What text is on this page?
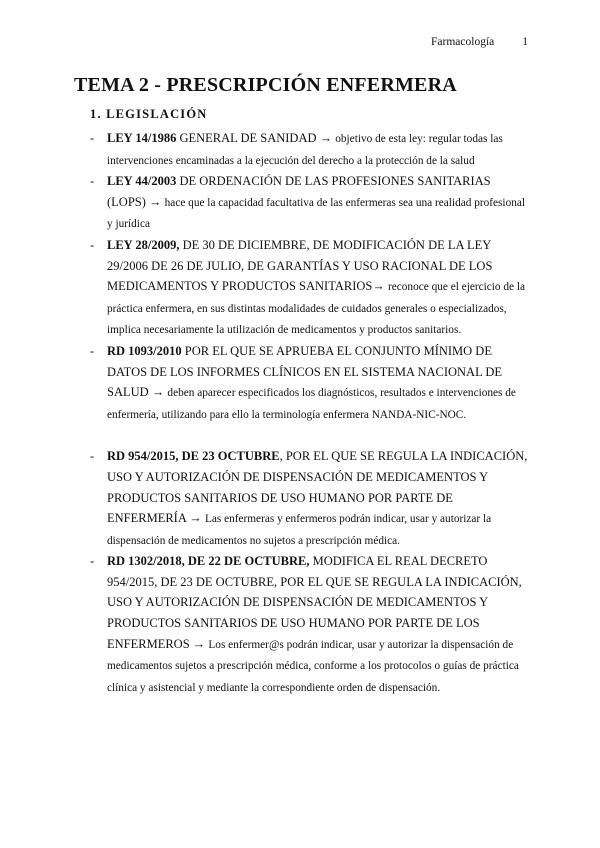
Farmacología 1
TEMA 2 - PRESCRIPCIÓN ENFERMERA
1. LEGISLACIÓN
-	LEY 14/1986 GENERAL DE SANIDAD → objetivo de esta ley: regular todas las intervenciones encaminadas a la ejecución del derecho a la protección de la salud
-	LEY 44/2003 DE ORDENACIÓN DE LAS PROFESIONES SANITARIAS (LOPS) → hace que la capacidad facultativa de las enfermeras sea una realidad profesional y jurídica
-	LEY 28/2009, DE 30 DE DICIEMBRE, DE MODIFICACIÓN DE LA LEY 29/2006 DE 26 DE JULIO, DE GARANTÍAS Y USO RACIONAL DE LOS MEDICAMENTOS Y PRODUCTOS SANITARIOS→ reconoce que el ejercicio de la práctica enfermera, en sus distintas modalidades de cuidados generales o especializados, implica necesariamente la utilización de medicamentos y productos sanitarios.
-	RD 1093/2010 POR EL QUE SE APRUEBA EL CONJUNTO MÍNIMO DE DATOS DE LOS INFORMES CLÍNICOS EN EL SISTEMA NACIONAL DE SALUD → deben aparecer especificados los diagnósticos, resultados e intervenciones de enfermería, utilizando para ello la terminología enfermera NANDA-NIC-NOC.
-	RD 954/2015, DE 23 OCTUBRE, POR EL QUE SE REGULA LA INDICACIÓN, USO Y AUTORIZACIÓN DE DISPENSACIÓN DE MEDICAMENTOS Y PRODUCTOS SANITARIOS DE USO HUMANO POR PARTE DE ENFERMERÍA → Las enfermeras y enfermeros podrán indicar, usar y autorizar la dispensación de medicamentos no sujetos a prescripción médica.
-	RD 1302/2018, DE 22 DE OCTUBRE, MODIFICA EL REAL DECRETO 954/2015, DE 23 DE OCTUBRE, POR EL QUE SE REGULA LA INDICACIÓN, USO Y AUTORIZACIÓN DE DISPENSACIÓN DE MEDICAMENTOS Y PRODUCTOS SANITARIOS DE USO HUMANO POR PARTE DE LOS ENFERMEROS → Los enfermer@s podrán indicar, usar y autorizar la dispensación de medicamentos sujetos a prescripción médica, conforme a los protocolos o guías de práctica clínica y asistencial y mediante la correspondiente orden de dispensación.
